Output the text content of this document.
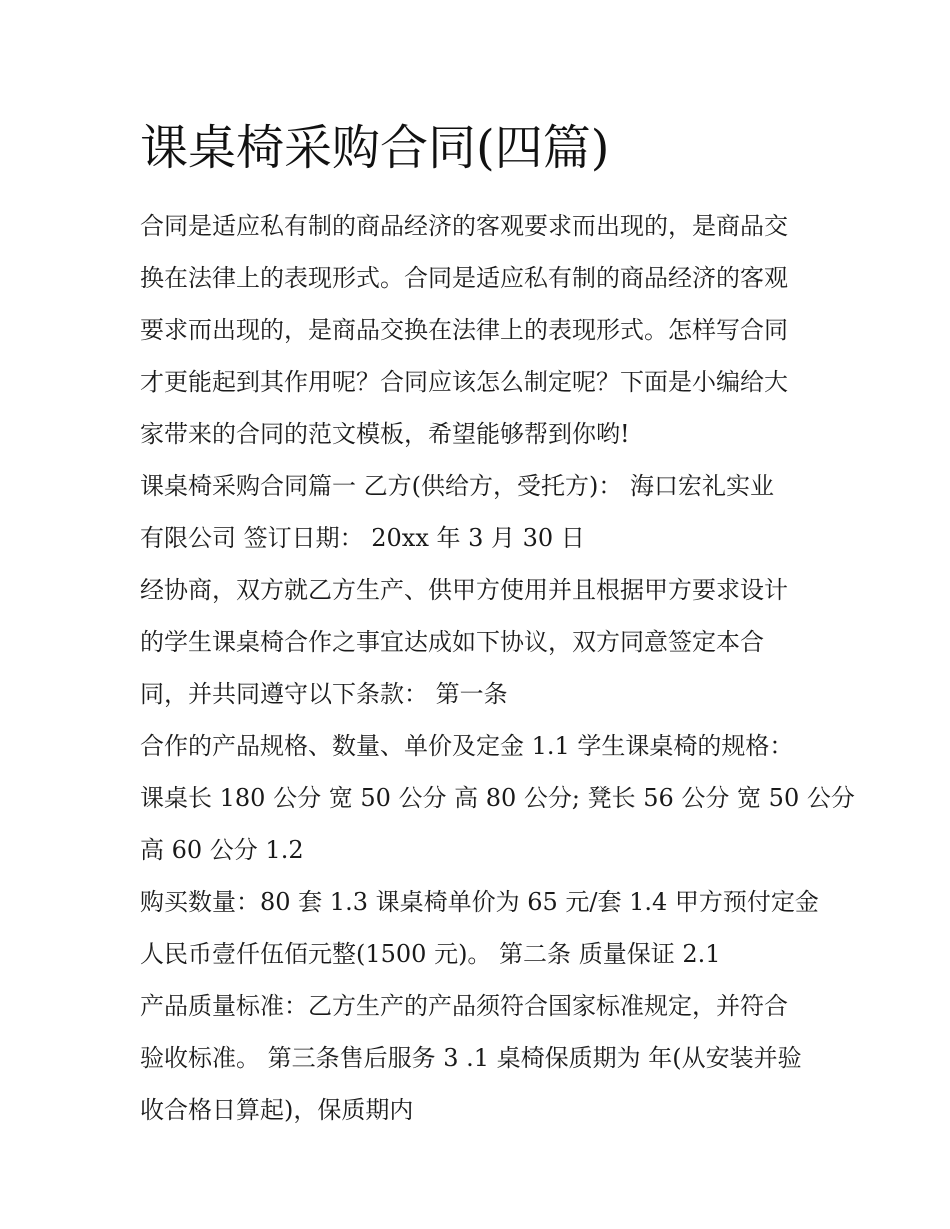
课桌椅采购合同(四篇)
合同是适应私有制的商品经济的客观要求而出现的，是商品交
换在法律上的表现形式。合同是适应私有制的商品经济的客观
要求而出现的，是商品交换在法律上的表现形式。怎样写合同
才更能起到其作用呢？合同应该怎么制定呢？下面是小编给大
家带来的合同的范文模板，希望能够帮到你哟!
课桌椅采购合同篇一 乙方(供给方，受托方)： 海口宏礼实业
有限公司 签订日期： 20xx 年 3 月 30 日
经协商，双方就乙方生产、供甲方使用并且根据甲方要求设计
的学生课桌椅合作之事宜达成如下协议，双方同意签定本合
同，并共同遵守以下条款： 第一条
合作的产品规格、数量、单价及定金 1.1 学生课桌椅的规格：
课桌长 180 公分 宽 50 公分 高 80 公分; 凳长 56 公分 宽 50 公分
高 60 公分 1.2
购买数量：80 套 1.3 课桌椅单价为 65 元/套 1.4 甲方预付定金
人民币壹仟伍佰元整(1500 元)。 第二条 质量保证 2.1
产品质量标准：乙方生产的产品须符合国家标准规定，并符合
验收标准。 第三条售后服务 3 .1 桌椅保质期为 年(从安装并验
收合格日算起)，保质期内
